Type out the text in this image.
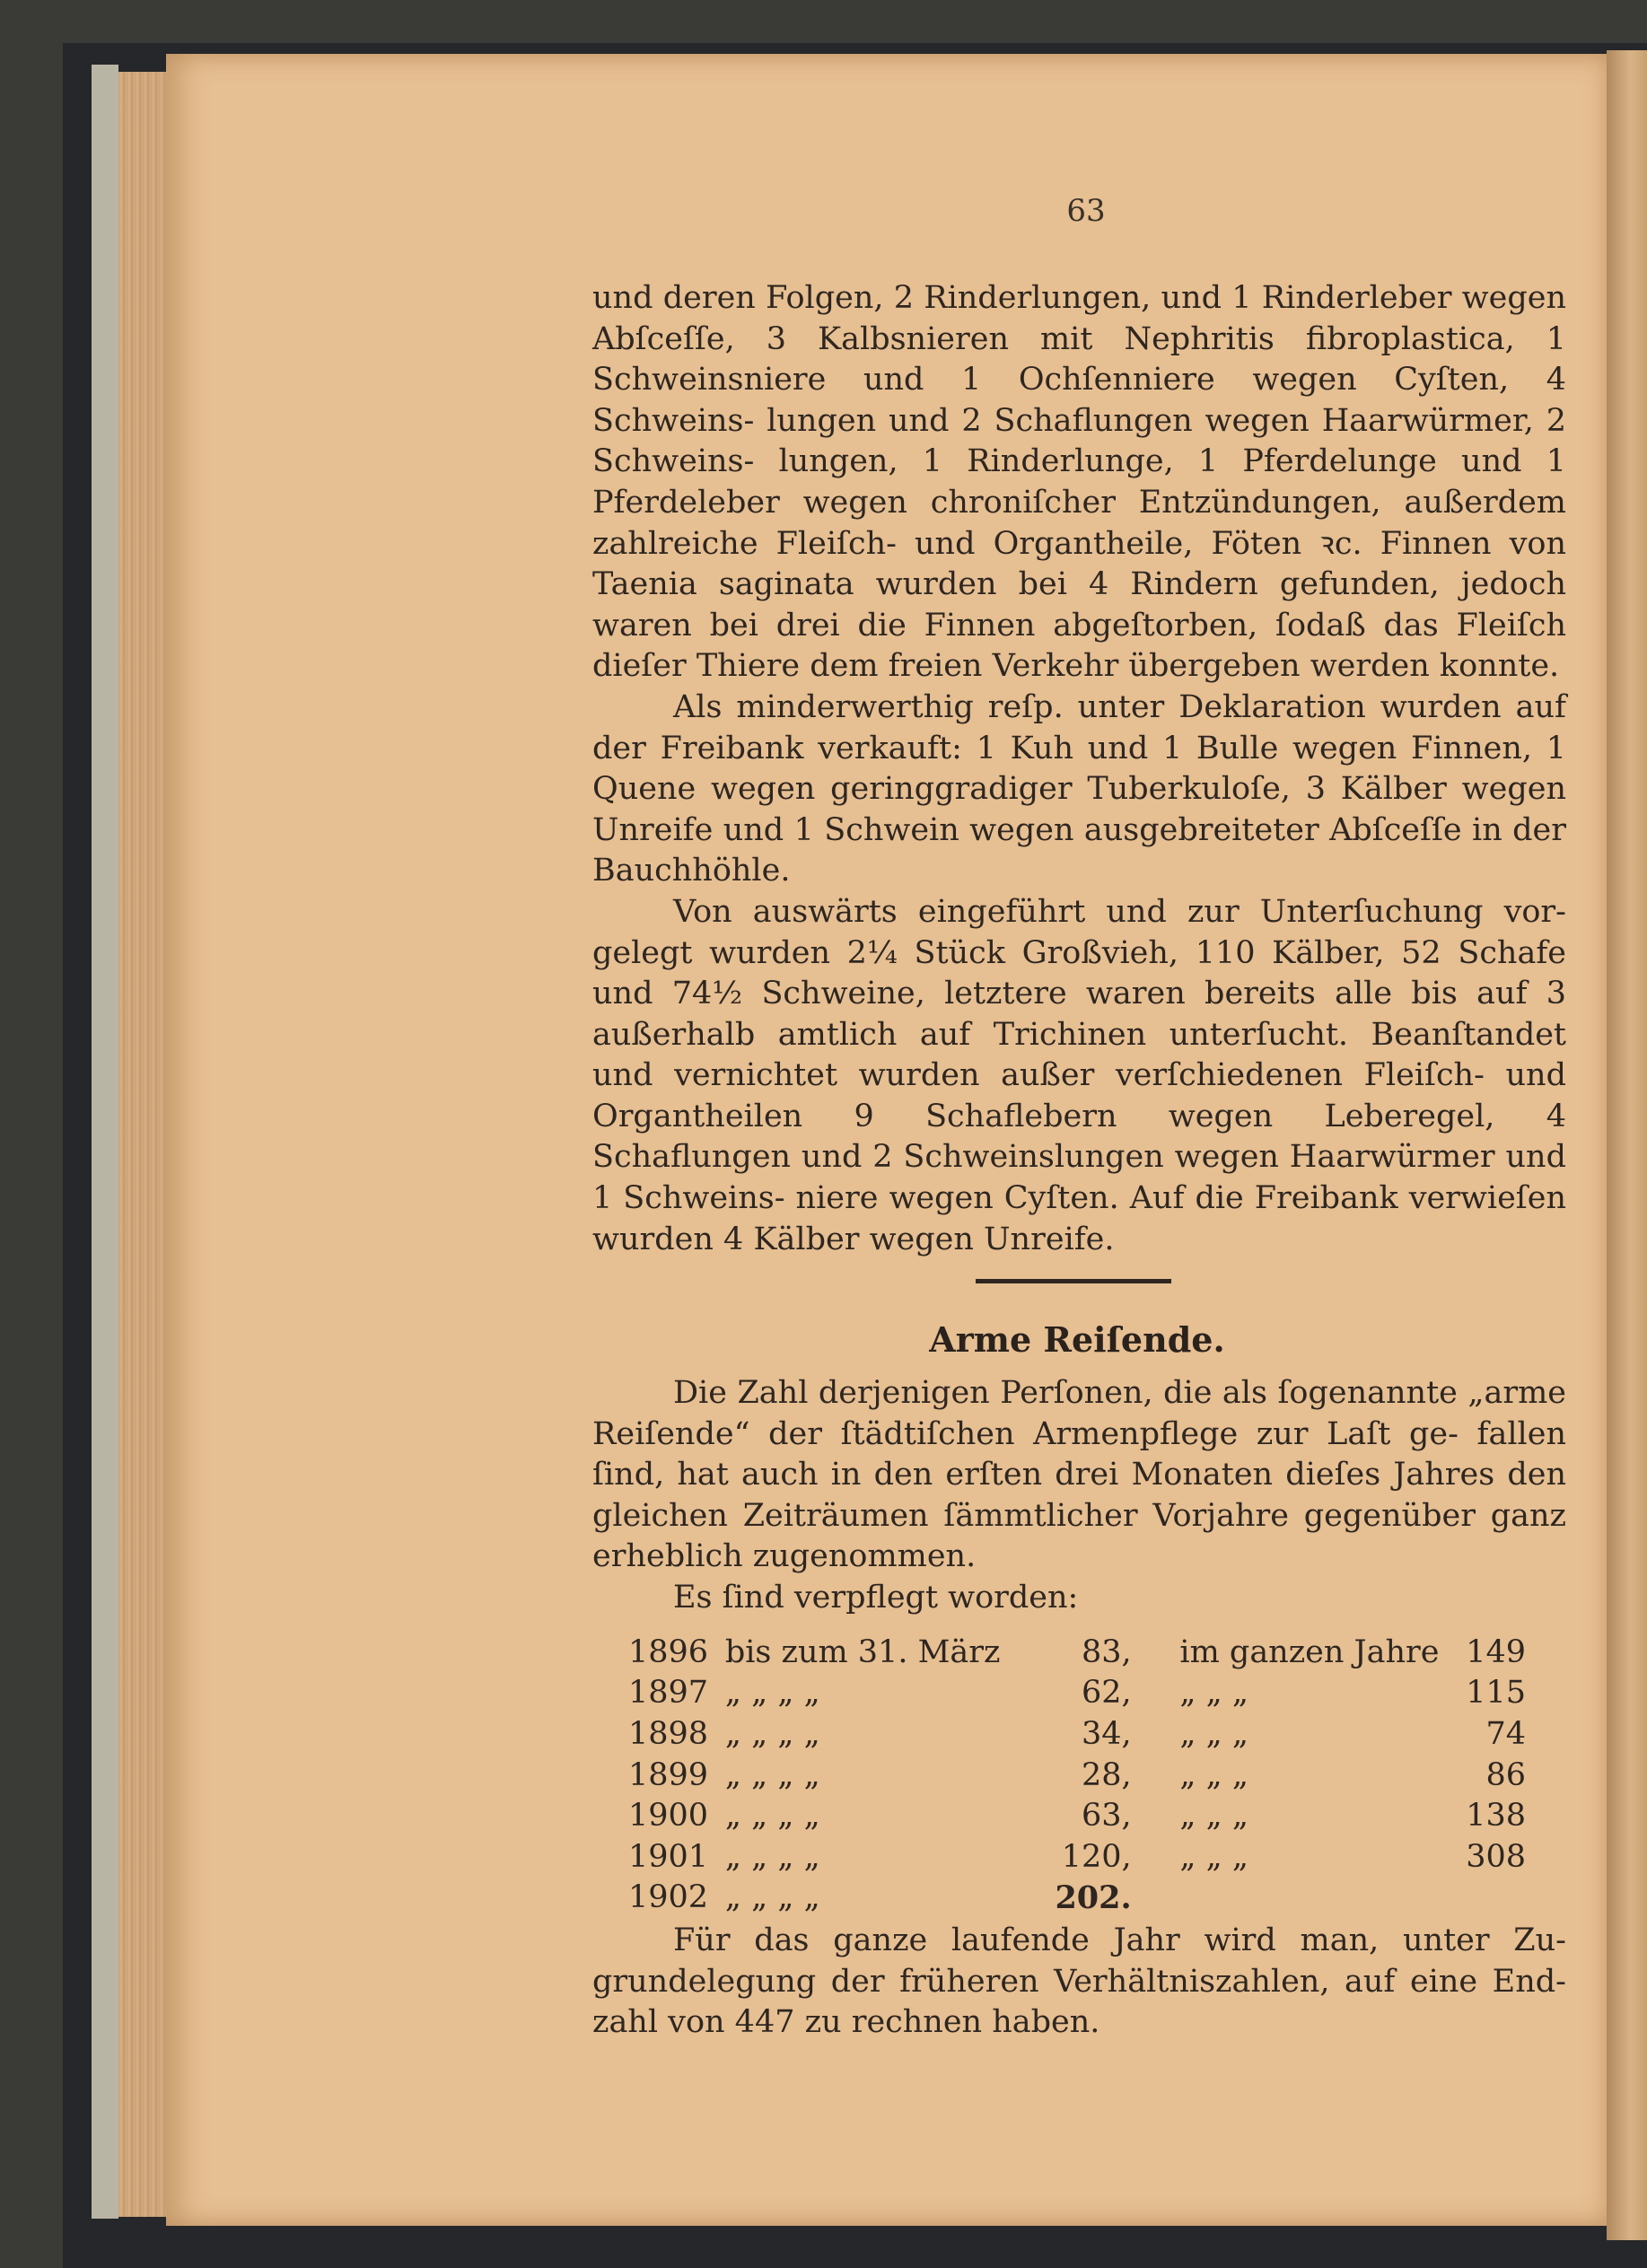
63

und deren Folgen, 2 Rinderlungen, und 1 Rinderleber wegen Abſceſſe, 3 Kalbsnieren mit Nephritis fibroplastica, 1 Schweinsniere und 1 Ochſenniere wegen Cyſten, 4 Schweins- lungen und 2 Schaflungen wegen Haarwürmer, 2 Schweins- lungen, 1 Rinderlunge, 1 Pferdelunge und 1 Pferdeleber wegen chroniſcher Entzündungen, außerdem zahlreiche Fleiſch- und Organtheile, Föten ꝛc. Finnen von Taenia saginata wurden bei 4 Rindern gefunden, jedoch waren bei drei die Finnen abgeſtorben, ſodaß das Fleiſch dieſer Thiere dem freien Verkehr übergeben werden konnte.

Als minderwerthig reſp. unter Deklaration wurden auf der Freibank verkauft: 1 Kuh und 1 Bulle wegen Finnen, 1 Quene wegen geringgradiger Tuberkuloſe, 3 Kälber wegen Unreife und 1 Schwein wegen ausgebreiteter Abſceſſe in der Bauchhöhle.

Von auswärts eingeführt und zur Unterſuchung vor- gelegt wurden 2¼ Stück Großvieh, 110 Kälber, 52 Schafe und 74½ Schweine, letztere waren bereits alle bis auf 3 außerhalb amtlich auf Trichinen unterſucht. Beanſtandet und vernichtet wurden außer verſchiedenen Fleiſch- und Organtheilen 9 Schaflebern wegen Leberegel, 4 Schaflungen und 2 Schweinslungen wegen Haarwürmer und 1 Schweins- niere wegen Cyſten. Auf die Freibank verwieſen wurden 4 Kälber wegen Unreife.

Arme Reiſende.

Die Zahl derjenigen Perſonen, die als ſogenannte „arme Reiſende“ der ſtädtiſchen Armenpflege zur Laſt ge- fallen ſind, hat auch in den erſten drei Monaten dieſes Jahres den gleichen Zeiträumen ſämmtlicher Vorjahre gegenüber ganz erheblich zugenommen.

Es ſind verpflegt worden:

1896	bis zum 31. März	83,		im ganzen Jahre	149
1897	„ „ „ „	62,		„ „ „	115
1898	„ „ „ „	34,		„ „ „	74
1899	„ „ „ „	28,		„ „ „	86
1900	„ „ „ „	63,		„ „ „	138
1901	„ „ „ „	120,		„ „ „	308
1902	„ „ „ „	202.			

Für das ganze laufende Jahr wird man, unter Zu- grundelegung der früheren Verhältniszahlen, auf eine End- zahl von 447 zu rechnen haben.
